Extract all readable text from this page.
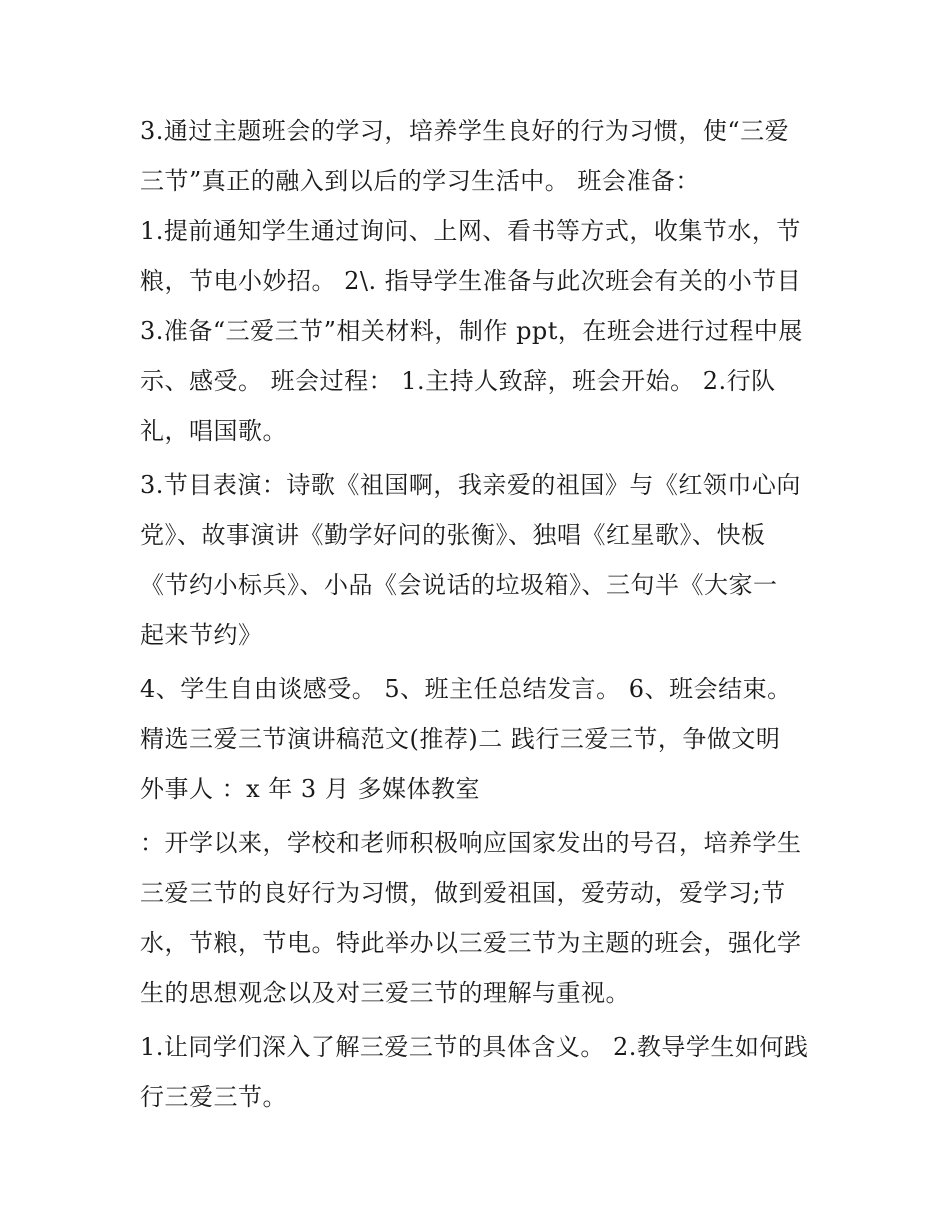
3.通过主题班会的学习，培养学生良好的行为习惯，使“三爱
三节”真正的融入到以后的学习生活中。 班会准备：
1.提前通知学生通过询问、上网、看书等方式，收集节水，节
粮，节电小妙招。 2\. 指导学生准备与此次班会有关的小节目
3.准备“三爱三节”相关材料，制作 ppt，在班会进行过程中展
示、感受。 班会过程： 1.主持人致辞，班会开始。 2.行队
礼，唱国歌。
3.节目表演：诗歌《祖国啊，我亲爱的祖国》与《红领巾心向
党》、故事演讲《勤学好问的张衡》、独唱《红星歌》、快板
《节约小标兵》、小品《会说话的垃圾箱》、三句半《大家一
起来节约》
4、学生自由谈感受。 5、班主任总结发言。 6、班会结束。
精选三爱三节演讲稿范文(推荐)二 践行三爱三节，争做文明
外事人 ：x 年 3 月 多媒体教室
：开学以来，学校和老师积极响应国家发出的号召，培养学生
三爱三节的良好行为习惯，做到爱祖国，爱劳动，爱学习;节
水，节粮，节电。特此举办以三爱三节为主题的班会，强化学
生的思想观念以及对三爱三节的理解与重视。
1.让同学们深入了解三爱三节的具体含义。 2.教导学生如何践
行三爱三节。
